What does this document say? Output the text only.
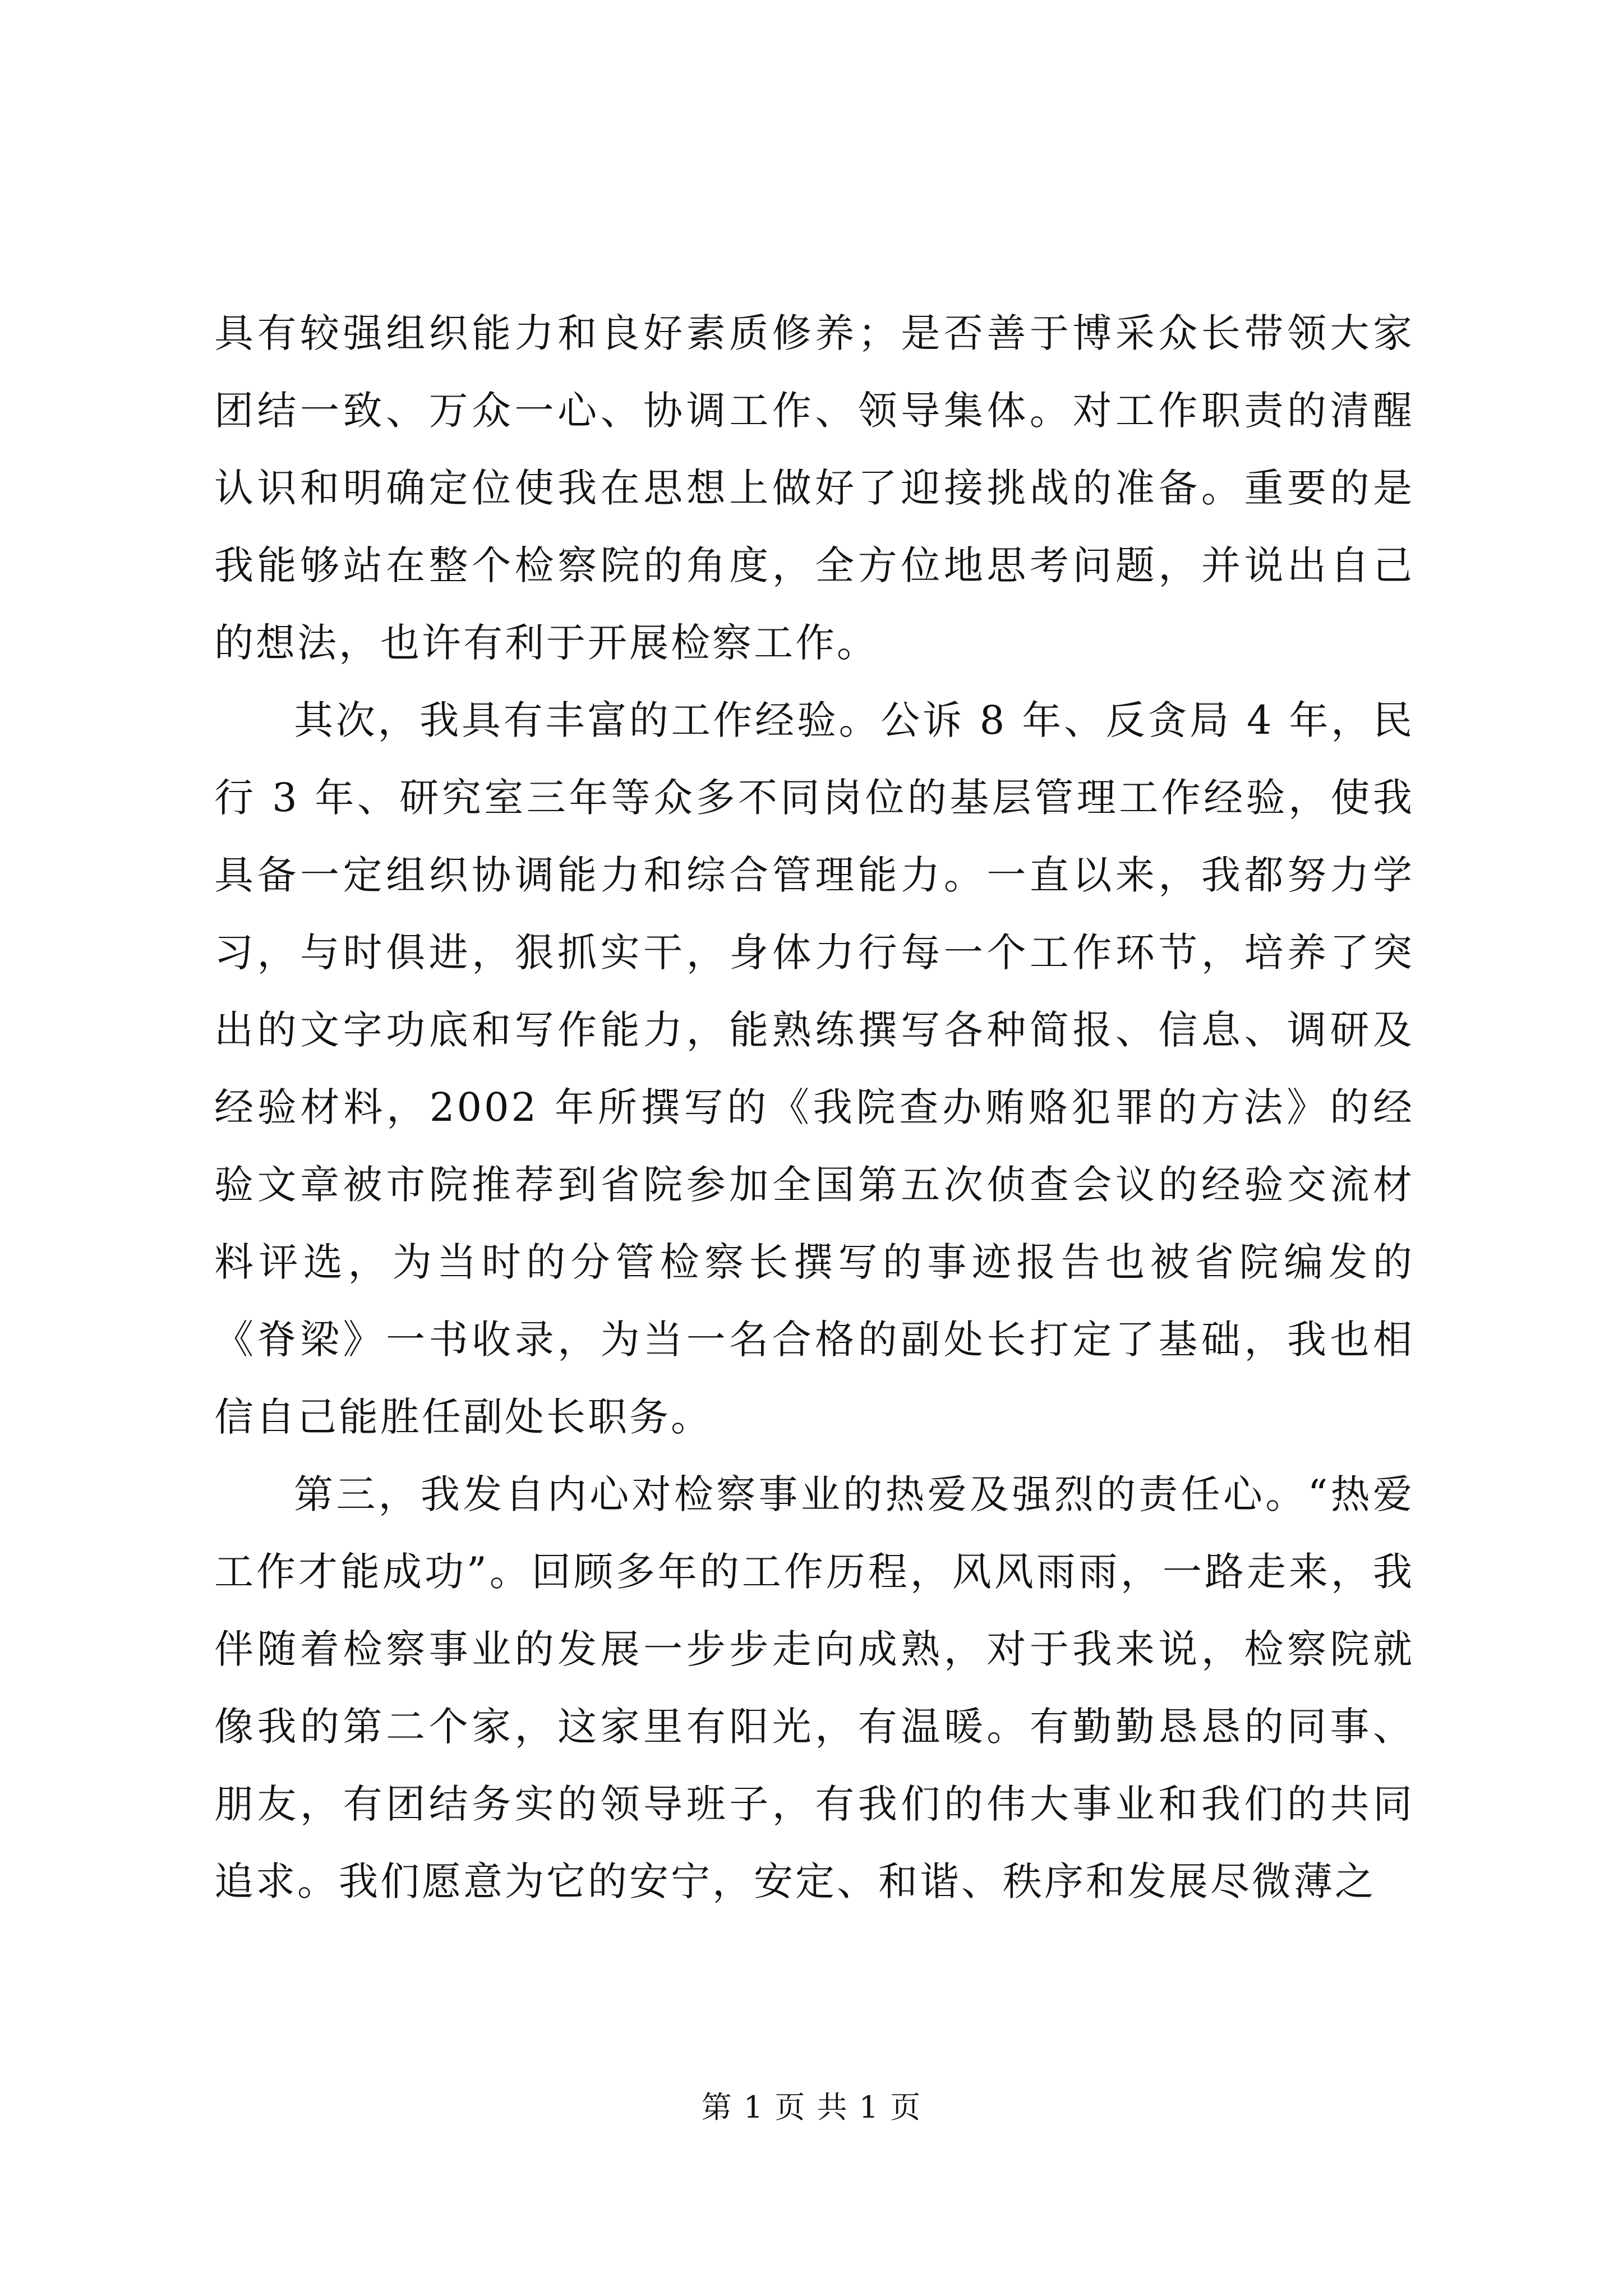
具有较强组织能力和良好素质修养；是否善于博采众长带领大家团结一致、万众一心、协调工作、领导集体。对工作职责的清醒认识和明确定位使我在思想上做好了迎接挑战的准备。重要的是我能够站在整个检察院的角度，全方位地思考问题，并说出自己的想法，也许有利于开展检察工作。

其次，我具有丰富的工作经验。公诉 8 年、反贪局 4 年，民行 3 年、研究室三年等众多不同岗位的基层管理工作经验，使我具备一定组织协调能力和综合管理能力。一直以来，我都努力学习，与时俱进，狠抓实干，身体力行每一个工作环节，培养了突出的文字功底和写作能力，能熟练撰写各种简报、信息、调研及经验材料，2002 年所撰写的《我院查办贿赂犯罪的方法》的经验文章被市院推荐到省院参加全国第五次侦查会议的经验交流材料评选，为当时的分管检察长撰写的事迹报告也被省院编发的《脊梁》一书收录，为当一名合格的副处长打定了基础，我也相信自己能胜任副处长职务。

第三，我发自内心对检察事业的热爱及强烈的责任心。“热爱工作才能成功”。回顾多年的工作历程，风风雨雨，一路走来，我伴随着检察事业的发展一步步走向成熟，对于我来说，检察院就像我的第二个家，这家里有阳光，有温暖。有勤勤恳恳的同事、朋友，有团结务实的领导班子，有我们的伟大事业和我们的共同追求。我们愿意为它的安宁，安定、和谐、秩序和发展尽微薄之

第 1 页 共 1 页
